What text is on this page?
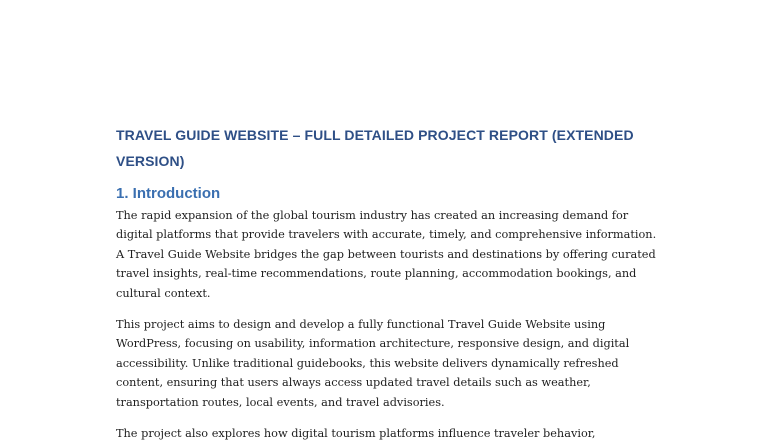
TRAVEL GUIDE WEBSITE – FULL DETAILED PROJECT REPORT (EXTENDED VERSION)
1. Introduction

The rapid expansion of the global tourism industry has created an increasing demand for digital platforms that provide travelers with accurate, timely, and comprehensive information. A Travel Guide Website bridges the gap between tourists and destinations by offering curated travel insights, real-time recommendations, route planning, accommodation bookings, and cultural context.

This project aims to design and develop a fully functional Travel Guide Website using WordPress, focusing on usability, information architecture, responsive design, and digital accessibility. Unlike traditional guidebooks, this website delivers dynamically refreshed content, ensuring that users always access updated travel details such as weather, transportation routes, local events, and travel advisories.

The project also explores how digital tourism platforms influence traveler behavior,
